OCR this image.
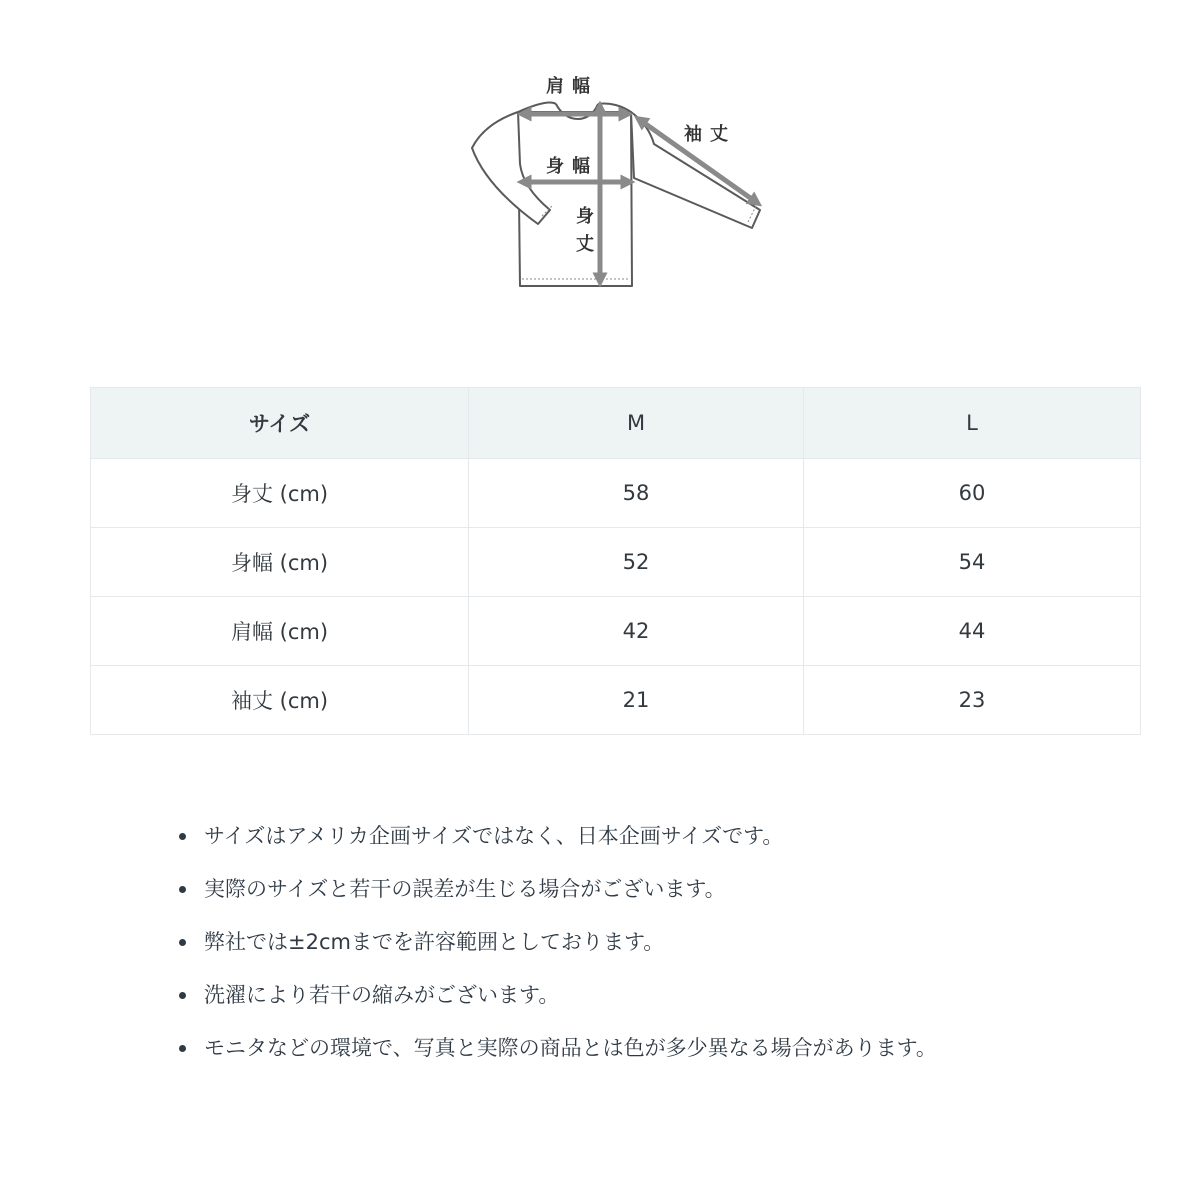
肩幅
袖丈
身幅
身
丈
サイズ	M	L
身丈 (cm)	58	60
身幅 (cm)	52	54
肩幅 (cm)	42	44
袖丈 (cm)	21	23
サイズはアメリカ企画サイズではなく、日本企画サイズです。
実際のサイズと若干の誤差が生じる場合がございます。
弊社では±2cmまでを許容範囲としております。
洗濯により若干の縮みがございます。
モニタなどの環境で、写真と実際の商品とは色が多少異なる場合があります。
